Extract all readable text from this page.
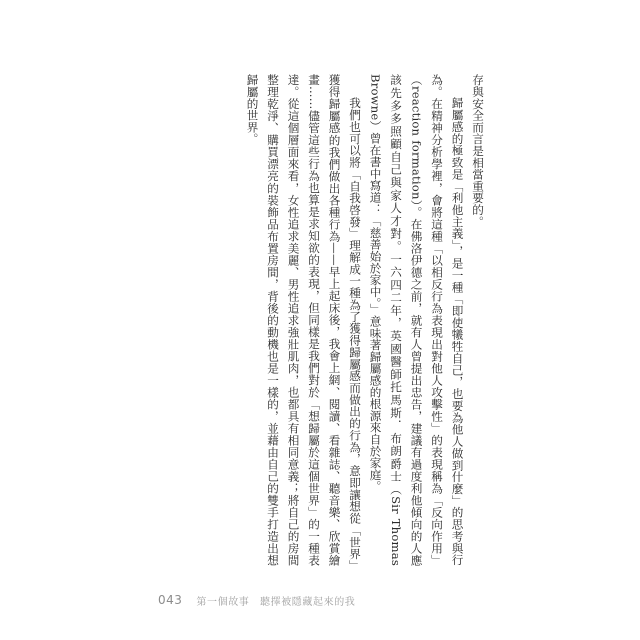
存與安全而言是相當重要的。

歸屬感的極致是「利他主義」，是一種「即使犧牲自己，也要為他人做到什麼」的思考與行為。在精神分析學裡，會將這種「以相反行為表現出對他人攻擊性」的表現稱為「反向作用」（reaction formation）。在佛洛伊德之前，就有人曾提出忠告，建議有過度利他傾向的人應該先多多照顧自己與家人才對。一六四二年，英國醫師托馬斯．布朗爵士（Sir Thomas Browne）曾在書中寫道：「慈善始於家中。」意味著歸屬感的根源來自於家庭。

我們也可以將「自我啓發」理解成一種為了獲得歸屬感而做出的行為，意即讓想從「世界」獲得歸屬感的我們做出各種行為——早上起床後，我會上網、閱讀、看雜誌、聽音樂、欣賞繪畫……儘管這些行為也算是求知欲的表現，但同樣是我們對於「想歸屬於這個世界」的一種表達。從這個層面來看，女性追求美麗、男性追求強壯肌肉，也都具有相同意義；將自己的房間整理乾淨、購買漂亮的裝飾品布置房間，背後的動機也是一樣的，並藉由自己的雙手打造出想歸屬的世界。

043 第一個故事　聽擇被隱藏起來的我
